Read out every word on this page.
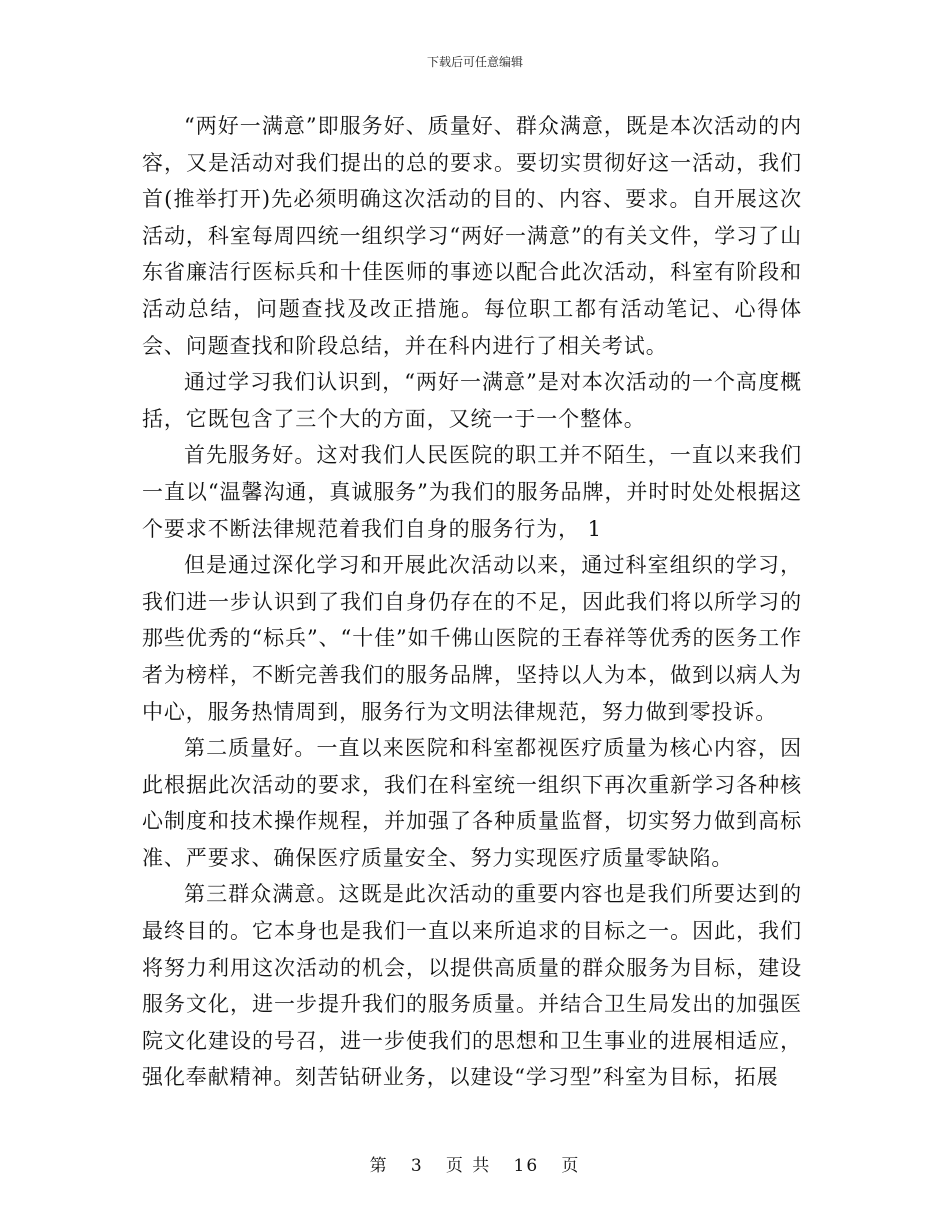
下载后可任意编辑

“两好一满意”即服务好、质量好、群众满意，既是本次活动的内容，又是活动对我们提出的总的要求。要切实贯彻好这一活动，我们首(推举打开)先必须明确这次活动的目的、内容、要求。自开展这次活动，科室每周四统一组织学习“两好一满意”的有关文件，学习了山东省廉洁行医标兵和十佳医师的事迹以配合此次活动，科室有阶段和活动总结，问题查找及改正措施。每位职工都有活动笔记、心得体会、问题查找和阶段总结，并在科内进行了相关考试。

通过学习我们认识到，“两好一满意”是对本次活动的一个高度概括，它既包含了三个大的方面，又统一于一个整体。

首先服务好。这对我们人民医院的职工并不陌生，一直以来我们一直以“温馨沟通，真诚服务”为我们的服务品牌，并时时处处根据这个要求不断法律规范着我们自身的服务行为， 1

但是通过深化学习和开展此次活动以来，通过科室组织的学习，我们进一步认识到了我们自身仍存在的不足，因此我们将以所学习的那些优秀的“标兵”、“十佳”如千佛山医院的王春祥等优秀的医务工作者为榜样，不断完善我们的服务品牌，坚持以人为本，做到以病人为中心，服务热情周到，服务行为文明法律规范，努力做到零投诉。

第二质量好。一直以来医院和科室都视医疗质量为核心内容，因此根据此次活动的要求，我们在科室统一组织下再次重新学习各种核心制度和技术操作规程，并加强了各种质量监督，切实努力做到高标准、严要求、确保医疗质量安全、努力实现医疗质量零缺陷。

第三群众满意。这既是此次活动的重要内容也是我们所要达到的最终目的。它本身也是我们一直以来所追求的目标之一。因此，我们将努力利用这次活动的机会，以提供高质量的群众服务为目标，建设服务文化，进一步提升我们的服务质量。并结合卫生局发出的加强医院文化建设的号召，进一步使我们的思想和卫生事业的进展相适应，强化奉献精神。刻苦钻研业务，以建设“学习型”科室为目标，拓展

第 3 页 共 16 页
